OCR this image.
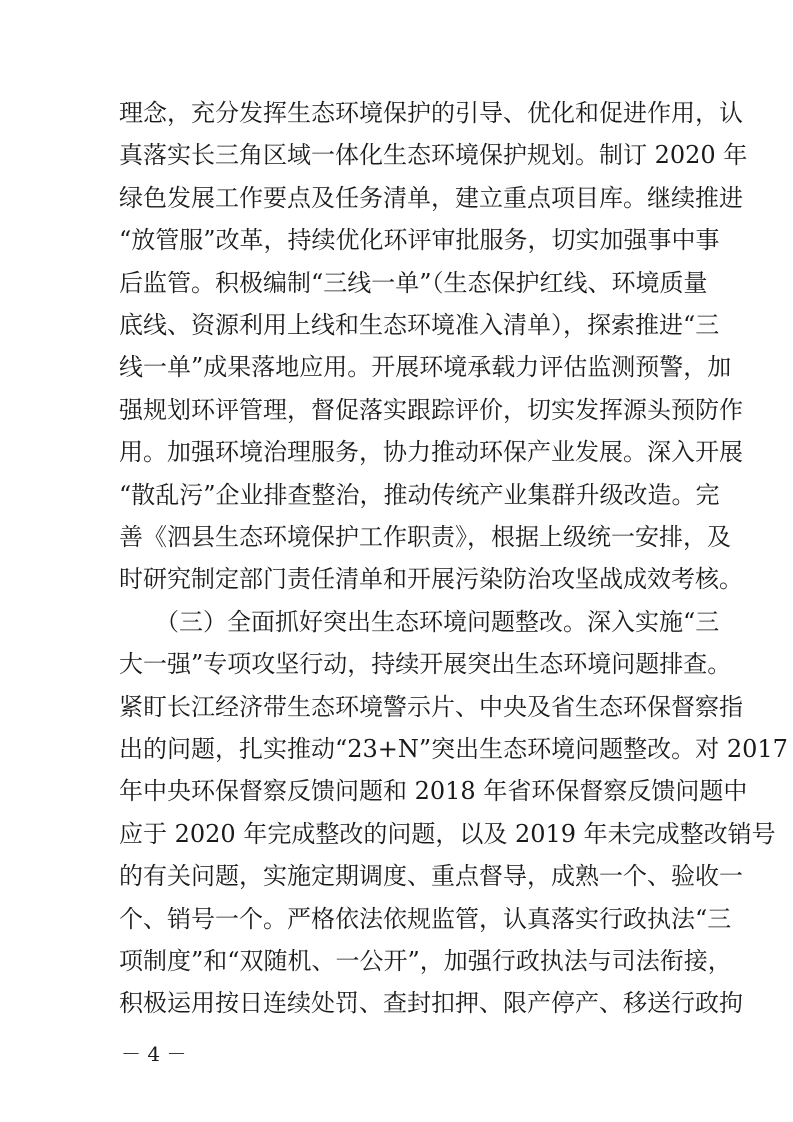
理念，充分发挥生态环境保护的引导、优化和促进作用，认
真落实长三角区域一体化生态环境保护规划。制订 2020 年
绿色发展工作要点及任务清单，建立重点项目库。继续推进
“放管服”改革，持续优化环评审批服务，切实加强事中事
后监管。积极编制“三线一单”（生态保护红线、环境质量
底线、资源利用上线和生态环境准入清单），探索推进“三
线一单”成果落地应用。开展环境承载力评估监测预警，加
强规划环评管理，督促落实跟踪评价，切实发挥源头预防作
用。加强环境治理服务，协力推动环保产业发展。深入开展
“散乱污”企业排查整治，推动传统产业集群升级改造。完
善《泗县生态环境保护工作职责》，根据上级统一安排，及
时研究制定部门责任清单和开展污染防治攻坚战成效考核。
　　（三）全面抓好突出生态环境问题整改。深入实施“三
大一强”专项攻坚行动，持续开展突出生态环境问题排查。
紧盯长江经济带生态环境警示片、中央及省生态环保督察指
出的问题，扎实推动“23+N”突出生态环境问题整改。对 2017
年中央环保督察反馈问题和 2018 年省环保督察反馈问题中
应于 2020 年完成整改的问题，以及 2019 年未完成整改销号
的有关问题，实施定期调度、重点督导，成熟一个、验收一
个、销号一个。严格依法依规监管，认真落实行政执法“三
项制度”和“双随机、一公开”，加强行政执法与司法衔接，
积极运用按日连续处罚、查封扣押、限产停产、移送行政拘
－ 4 －
